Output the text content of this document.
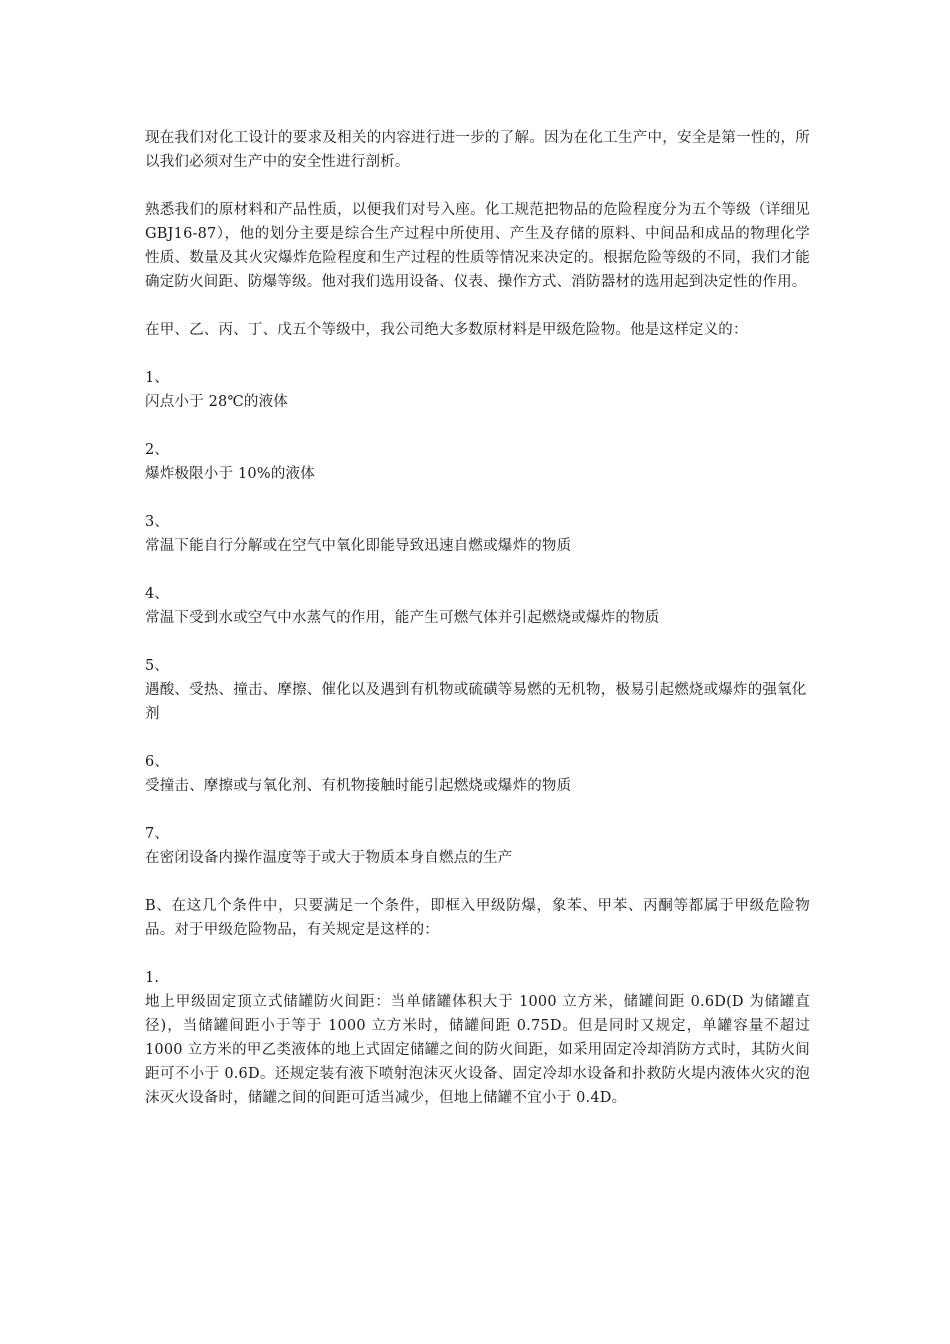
现在我们对化工设计的要求及相关的内容进行进一步的了解。因为在化工生产中，安全是第一性的，所以我们必须对生产中的安全性进行剖析。

熟悉我们的原材料和产品性质，以便我们对号入座。化工规范把物品的危险程度分为五个等级（详细见 GBJ16-87），他的划分主要是综合生产过程中所使用、产生及存储的原料、中间品和成品的物理化学性质、数量及其火灾爆炸危险程度和生产过程的性质等情况来决定的。根据危险等级的不同，我们才能确定防火间距、防爆等级。他对我们选用设备、仪表、操作方式、消防器材的选用起到决定性的作用。

在甲、乙、丙、丁、戊五个等级中，我公司绝大多数原材料是甲级危险物。他是这样定义的：

1、
闪点小于 28℃的液体
2、
爆炸极限小于 10%的液体
3、
常温下能自行分解或在空气中氧化即能导致迅速自燃或爆炸的物质
4、
常温下受到水或空气中水蒸气的作用，能产生可燃气体并引起燃烧或爆炸的物质
5、
遇酸、受热、撞击、摩擦、催化以及遇到有机物或硫磺等易燃的无机物，极易引起燃烧或爆炸的强氧化剂
6、
受撞击、摩擦或与氧化剂、有机物接触时能引起燃烧或爆炸的物质
7、
在密闭设备内操作温度等于或大于物质本身自燃点的生产

B、在这几个条件中，只要满足一个条件，即框入甲级防爆，象苯、甲苯、丙酮等都属于甲级危险物品。对于甲级危险物品，有关规定是这样的：

1.
地上甲级固定顶立式储罐防火间距：当单储罐体积大于 1000 立方米，储罐间距 0.6D(D 为储罐直径)，当储罐间距小于等于 1000 立方米时，储罐间距 0.75D。但是同时又规定，单罐容量不超过 1000 立方米的甲乙类液体的地上式固定储罐之间的防火间距，如采用固定冷却消防方式时，其防火间距可不小于 0.6D。还规定装有液下喷射泡沫灭火设备、固定冷却水设备和扑救防火堤内液体火灾的泡沫灭火设备时，储罐之间的间距可适当减少，但地上储罐不宜小于 0.4D。
